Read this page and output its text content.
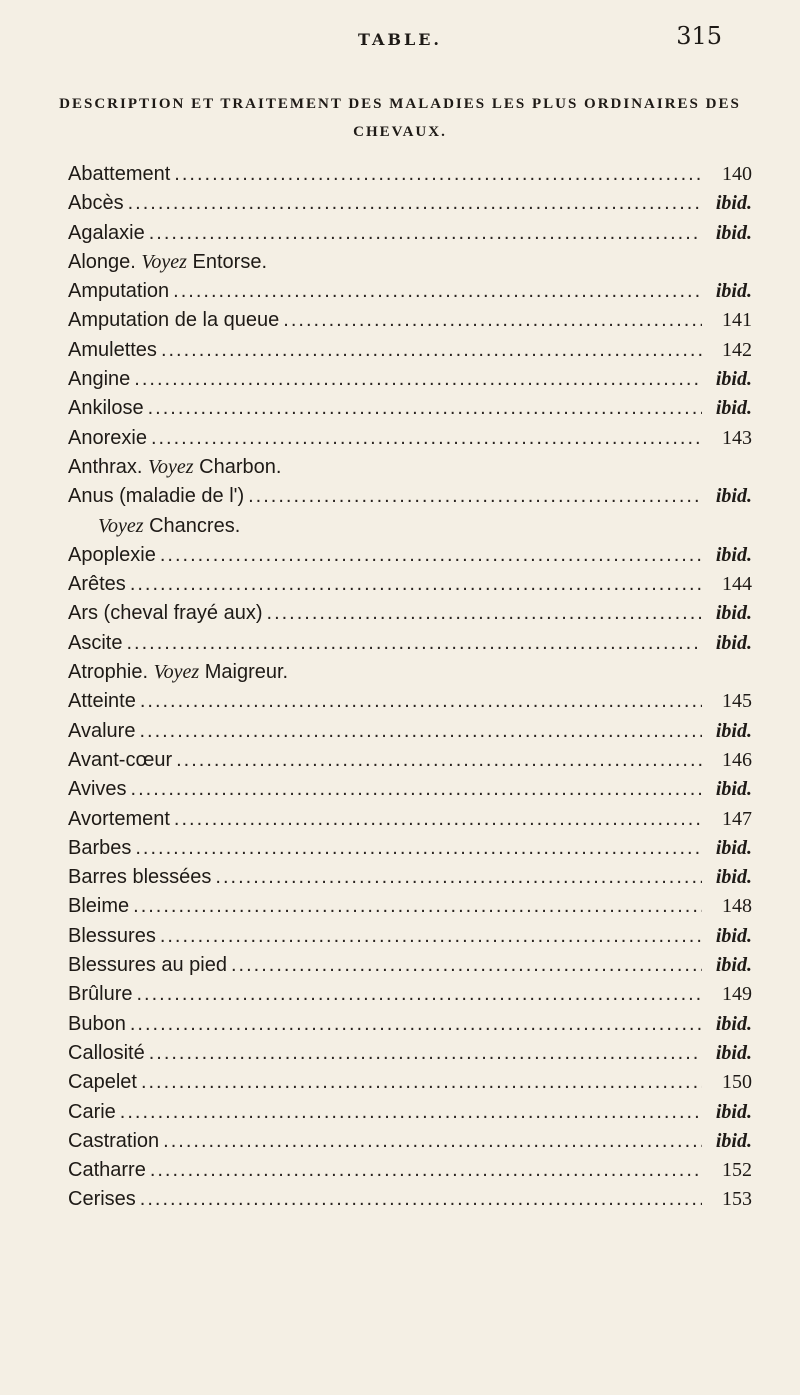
TABLE.	315
DESCRIPTION ET TRAITEMENT DES MALADIES LES PLUS ORDINAIRES DES CHEVAUX.
Abattement .....	140
Abcès .....	ibid.
Agalaxie .....	ibid.
Alonge. Voyez Entorse.
Amputation .....	ibid.
Amputation de la queue .....	141
Amulettes .....	142
Angine .....	ibid.
Ankilose .....	ibid.
Anorexie .....	143
Anthrax. Voyez Charbon.
Anus (maladie de l') .....	ibid.
Voyez Chancres.
Apoplexie .....	ibid.
Arêtes .....	144
Ars (cheval frayé aux) .....	ibid.
Ascite .....	ibid.
Atrophie. Voyez Maigreur.
Atteinte .....	145
Avalure .....	ibid.
Avant-cœur .....	146
Avives .....	ibid.
Avortement .....	147
Barbes .....	ibid.
Barres blessées .....	ibid.
Bleime .....	148
Blessures .....	ibid.
Blessures au pied .....	ibid.
Brûlure .....	149
Bubon .....	ibid.
Callosité .....	ibid.
Capelet .....	150
Carie .....	ibid.
Castration .....	ibid.
Catharre .....	152
Cerises .....	153
